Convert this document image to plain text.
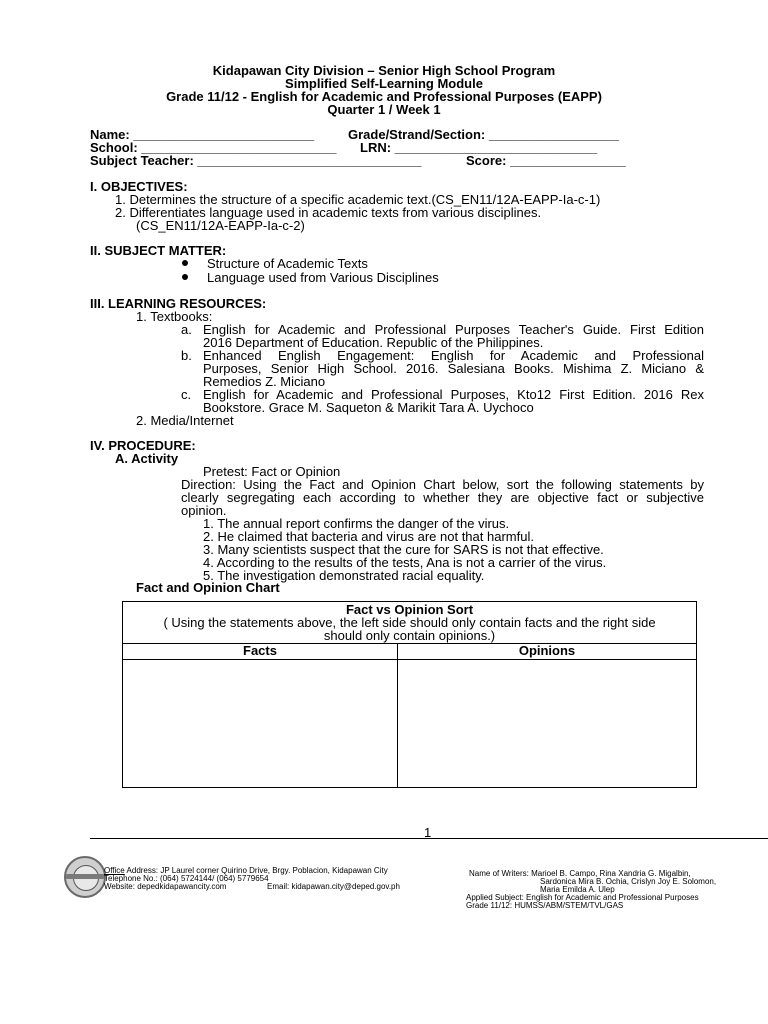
Kidapawan City Division – Senior High School Program
Simplified Self-Learning Module
Grade 11/12 - English for Academic and Professional Purposes (EAPP)
Quarter 1 / Week 1
Name: _________________________	Grade/Strand/Section: __________________
School: ___________________________ LRN: ____________________________
Subject Teacher: _______________________________	Score: ________________
I. OBJECTIVES:
1. Determines the structure of a specific academic text.(CS_EN11/12A-EAPP-Ia-c-1)
2. Differentiates language used in academic texts from various disciplines.
(CS_EN11/12A-EAPP-Ia-c-2)
II. SUBJECT MATTER:
Structure of Academic Texts
Language used from Various Disciplines
III. LEARNING RESOURCES:
1. Textbooks:
a. English for Academic and Professional Purposes Teacher's Guide. First Edition
2016 Department of Education. Republic of the Philippines.
b. Enhanced English Engagement: English for Academic and Professional
Purposes, Senior High School. 2016. Salesiana Books. Mishima Z. Miciano &
Remedios Z. Miciano
c. English for Academic and Professional Purposes, Kto12 First Edition. 2016 Rex
Bookstore. Grace M. Saqueton & Marikit Tara A. Uychoco
2. Media/Internet
IV. PROCEDURE:
A. Activity
Pretest: Fact or Opinion
Direction: Using the Fact and Opinion Chart below, sort the following statements by
clearly segregating each according to whether they are objective fact or subjective
opinion.
1. The annual report confirms the danger of the virus.
2. He claimed that bacteria and virus are not that harmful.
3. Many scientists suspect that the cure for SARS is not that effective.
4. According to the results of the tests, Ana is not a carrier of the virus.
5. The investigation demonstrated racial equality.
Fact and Opinion Chart
Fact vs Opinion Sort
( Using the statements above, the left side should only contain facts and the right side
should only contain opinions.)	

Facts	Opinions

1
Office Address: JP Laurel corner Quirino Drive, Brgy. Poblacion, Kidapawan City
Telephone No.: (064) 5724144/ (064) 5779654
Website: depedkidapawancity.com	Email: kidapawan.city@deped.gov.ph
Name of Writers: Marioel B. Campo, Rina Xandria G. Migalbin,
Sardonica Mira B. Ochia, Crislyn Joy E. Solomon,
Maria Emilda A. Ulep
Applied Subject: English for Academic and Professional Purposes
Grade 11/12: HUMSS/ABM/STEM/TVL/GAS
